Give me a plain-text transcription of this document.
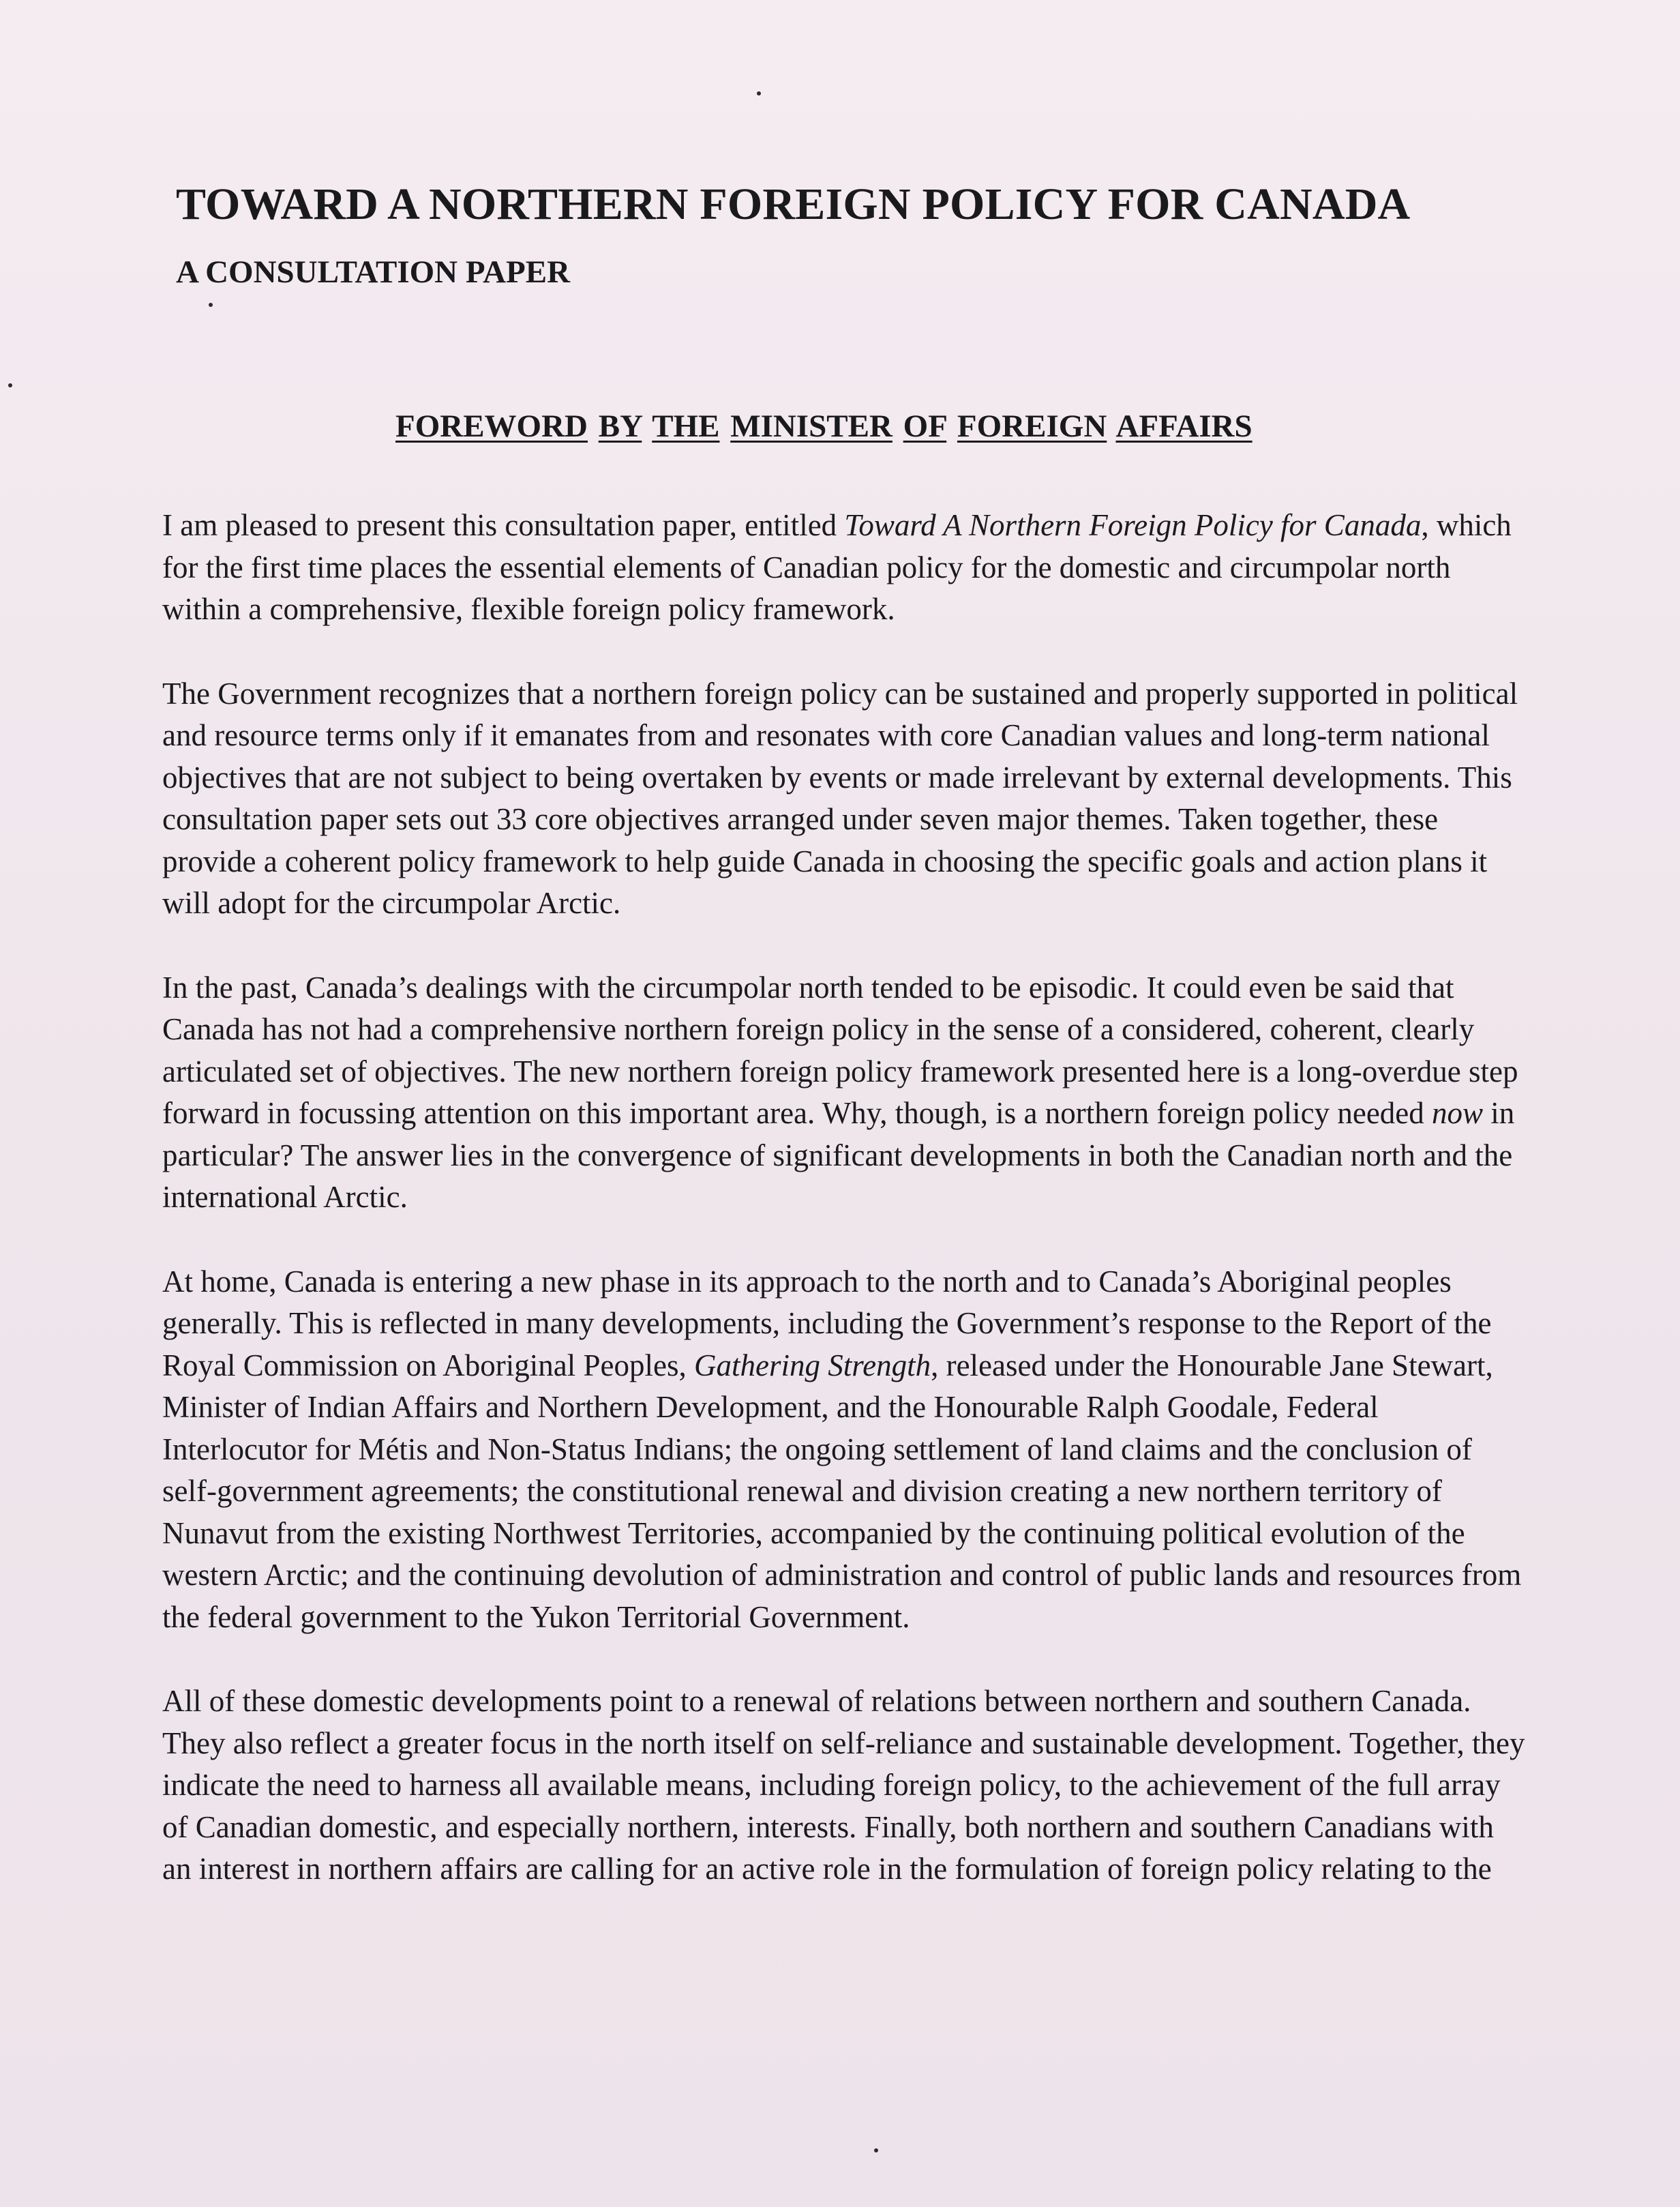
TOWARD A NORTHERN FOREIGN POLICY FOR CANADA
A CONSULTATION PAPER
FOREWORD BY THE MINISTER OF FOREIGN AFFAIRS

I am pleased to present this consultation paper, entitled Toward A Northern Foreign Policy for Canada, which for the first time places the essential elements of Canadian policy for the domestic and circumpolar north within a comprehensive, flexible foreign policy framework.

The Government recognizes that a northern foreign policy can be sustained and properly supported in political and resource terms only if it emanates from and resonates with core Canadian values and long-term national objectives that are not subject to being overtaken by events or made irrelevant by external developments. This consultation paper sets out 33 core objectives arranged under seven major themes. Taken together, these provide a coherent policy framework to help guide Canada in choosing the specific goals and action plans it will adopt for the circumpolar Arctic.

In the past, Canada’s dealings with the circumpolar north tended to be episodic. It could even be said that Canada has not had a comprehensive northern foreign policy in the sense of a considered, coherent, clearly articulated set of objectives. The new northern foreign policy framework presented here is a long-overdue step forward in focussing attention on this important area. Why, though, is a northern foreign policy needed now in particular? The answer lies in the convergence of significant developments in both the Canadian north and the international Arctic.

At home, Canada is entering a new phase in its approach to the north and to Canada’s Aboriginal peoples generally. This is reflected in many developments, including the Government’s response to the Report of the Royal Commission on Aboriginal Peoples, Gathering Strength, released under the Honourable Jane Stewart, Minister of Indian Affairs and Northern Development, and the Honourable Ralph Goodale, Federal Interlocutor for Métis and Non-Status Indians; the ongoing settlement of land claims and the conclusion of self-government agreements; the constitutional renewal and division creating a new northern territory of Nunavut from the existing Northwest Territories, accompanied by the continuing political evolution of the western Arctic; and the continuing devolution of administration and control of public lands and resources from the federal government to the Yukon Territorial Government.

All of these domestic developments point to a renewal of relations between northern and southern Canada. They also reflect a greater focus in the north itself on self-reliance and sustainable development. Together, they indicate the need to harness all available means, including foreign policy, to the achievement of the full array of Canadian domestic, and especially northern, interests. Finally, both northern and southern Canadians with an interest in northern affairs are calling for an active role in the formulation of foreign policy relating to the
